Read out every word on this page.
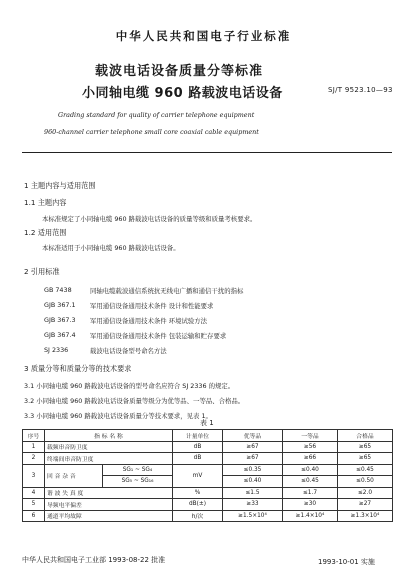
中华人民共和国电子行业标准
载波电话设备质量分等标准
小同轴电缆 960 路载波电话设备	SJ/T 9523.10—93
Grading standard for quality of carrier telephone equipment
960-channel carrier telephone small core coaxial cable equipment
1 主题内容与适用范围
1.1 主题内容
本标准规定了小同轴电缆 960 路载波电话设备的质量等级和质量考核要求。
1.2 适用范围
本标准适用于小同轴电缆 960 路载波电话设备。
2 引用标准
GB 7438	同轴电缆载波通信系统抗无线电广播和通信干扰的指标
GJB 367.1 军用通信设备通用技术条件 设计和性能要求
GJB 367.3 军用通信设备通用技术条件 环境试验方法
GJB 367.4 军用通信设备通用技术条件 包装运输和贮存要求
SJ 2336	载波电话设备型号命名方法
3 质量分等和质量分等的技术要求
3.1 小同轴电缆 960 路载波电话设备的型号命名应符合 SJ 2336 的规定。
3.2 小同轴电缆 960 路载波电话设备质量等级分为优等品、一等品、合格品。
3.3 小同轴电缆 960 路载波电话设备质量分等技术要求，见表 1。
表 1
序号	指 标 名 称		计量单位	优等品	一等品	合格品
1	载频串音防卫度		dB	≥67	≥56	≥65
2	终端间串音防卫度		dB	≥67	≥66	≥65
3	回 音 杂 音	SG₁ ~ SG₄	mV	≤0.35	≤0.40	≤0.45
		SG₅ ~ SG₁₆		≤0.40	≤0.45	≤0.50
4	谐 波 失 真 度		%	≤1.5	≤1.7	≤2.0
5	导频电平偏差		dB(±)	≥33	≥30	≥27
6	通道平均故障		h/次	≥1.5×10⁴	≥1.4×10⁴	≥1.3×10⁴
中华人民共和国电子工业部 1993-08-22 批准	1993-10-01 实施
